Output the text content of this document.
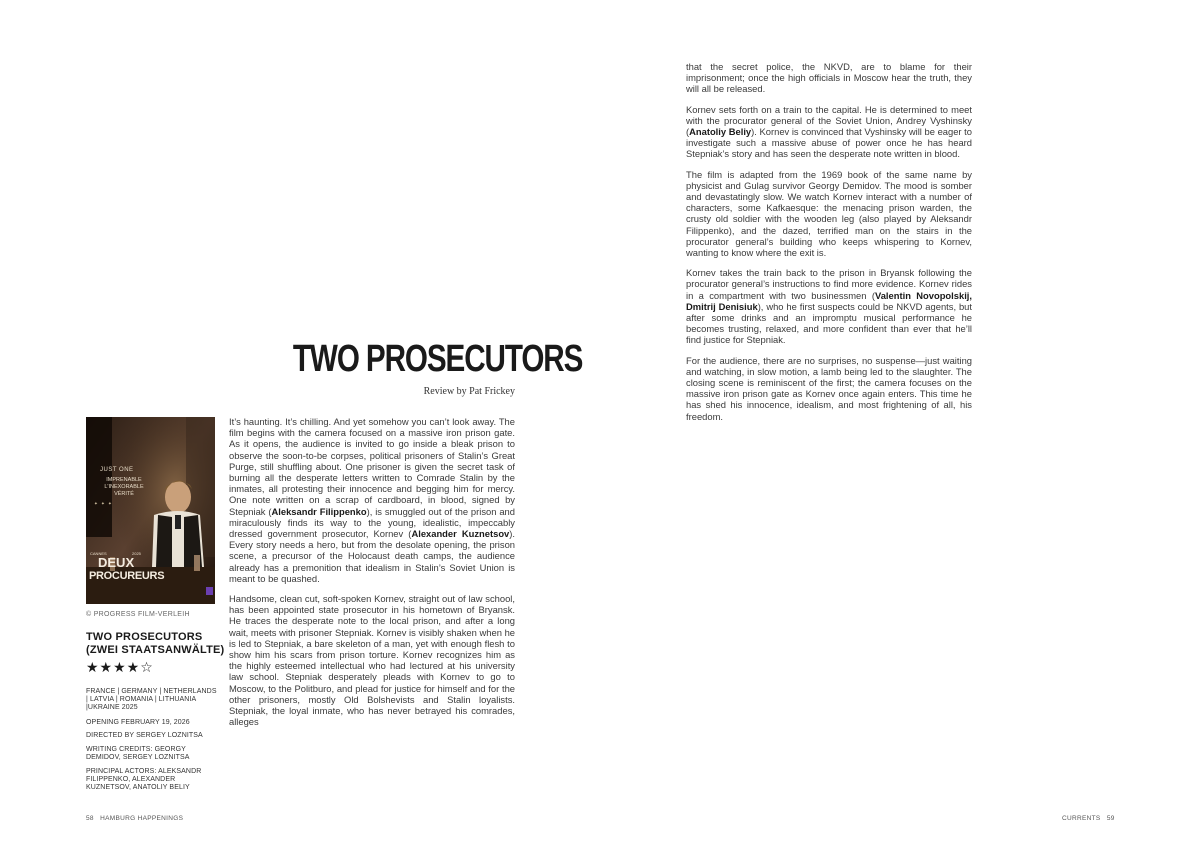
TWO PROSECUTORS
Review by Pat Frickey
JUST ONE
IMPRENABLE
L'INEXORABLE
VÉRITÉ
✦ ✦ ✦
CANNES	2025
DEUX
PROCUREURS
© PROGRESS FILM-VERLEIH
TWO PROSECUTORS
(ZWEI STAATSANWÄLTE)
★★★★☆
FRANCE | GERMANY | NETHERLANDS | LATVIA | ROMANIA | LITHUANIA |UKRAINE 2025
OPENING FEBRUARY 19, 2026
DIRECTED BY SERGEY LOZNITSA
WRITING CREDITS: GEORGY DEMIDOV, SERGEY LOZNITSA
PRINCIPAL ACTORS: ALEKSANDR FILIPPENKO, ALEXANDER KUZNETSOV, ANATOLIY BELIY

It’s haunting. It’s chilling. And yet somehow you can’t look away. The film begins with the camera focused on a massive iron prison gate. As it opens, the audience is invited to go inside a bleak prison to observe the soon-to-be corpses, political prisoners of Stalin’s Great Purge, still shuffling about. One prisoner is given the secret task of burning all the desperate letters written to Comrade Stalin by the inmates, all protesting their innocence and begging him for mercy. One note written on a scrap of cardboard, in blood, signed by Stepniak (Aleksandr Filippenko), is smuggled out of the prison and miraculously finds its way to the young, idealistic, impeccably dressed government prosecutor, Kornev (Alexander Kuznetsov). Every story needs a hero, but from the desolate opening, the prison scene, a precursor of the Holocaust death camps, the audience already has a premonition that idealism in Stalin’s Soviet Union is meant to be quashed.

Handsome, clean cut, soft-spoken Kornev, straight out of law school, has been appointed state prosecutor in his hometown of Bryansk. He traces the desperate note to the local prison, and after a long wait, meets with prisoner Stepniak. Kornev is visibly shaken when he is led to Stepniak, a bare skeleton of a man, yet with enough flesh to show him his scars from prison torture. Kornev recognizes him as the highly esteemed intellectual who had lectured at his university law school. Stepniak desperately pleads with Kornev to go to Moscow, to the Politburo, and plead for justice for himself and for the other prisoners, mostly Old Bolshevists and Stalin loyalists. Stepniak, the loyal inmate, who has never betrayed his comrades, alleges

that the secret police, the NKVD, are to blame for their imprisonment; once the high officials in Moscow hear the truth, they will all be released.

Kornev sets forth on a train to the capital. He is determined to meet with the procurator general of the Soviet Union, Andrey Vyshinsky (Anatoliy Beliy). Kornev is convinced that Vyshinsky will be eager to investigate such a massive abuse of power once he has heard Stepniak’s story and has seen the desperate note written in blood.

The film is adapted from the 1969 book of the same name by physicist and Gulag survivor Georgy Demidov. The mood is somber and devastatingly slow. We watch Kornev interact with a number of characters, some Kafkaesque: the menacing prison warden, the crusty old soldier with the wooden leg (also played by Aleksandr Filippenko), and the dazed, terrified man on the stairs in the procurator general’s building who keeps whispering to Kornev, wanting to know where the exit is.

Kornev takes the train back to the prison in Bryansk following the procurator general’s instructions to find more evidence. Kornev rides in a compartment with two businessmen (Valentin Novopolskij, Dmitrij Denisiuk), who he first suspects could be NKVD agents, but after some drinks and an impromptu musical performance he becomes trusting, relaxed, and more confident than ever that he’ll find justice for Stepniak.

For the audience, there are no surprises, no suspense—just waiting and watching, in slow motion, a lamb being led to the slaughter. The closing scene is reminiscent of the first; the camera focuses on the massive iron prison gate as Kornev once again enters. This time he has shed his innocence, idealism, and most frightening of all, his freedom.

58 HAMBURG HAPPENINGS	CURRENTS 59
